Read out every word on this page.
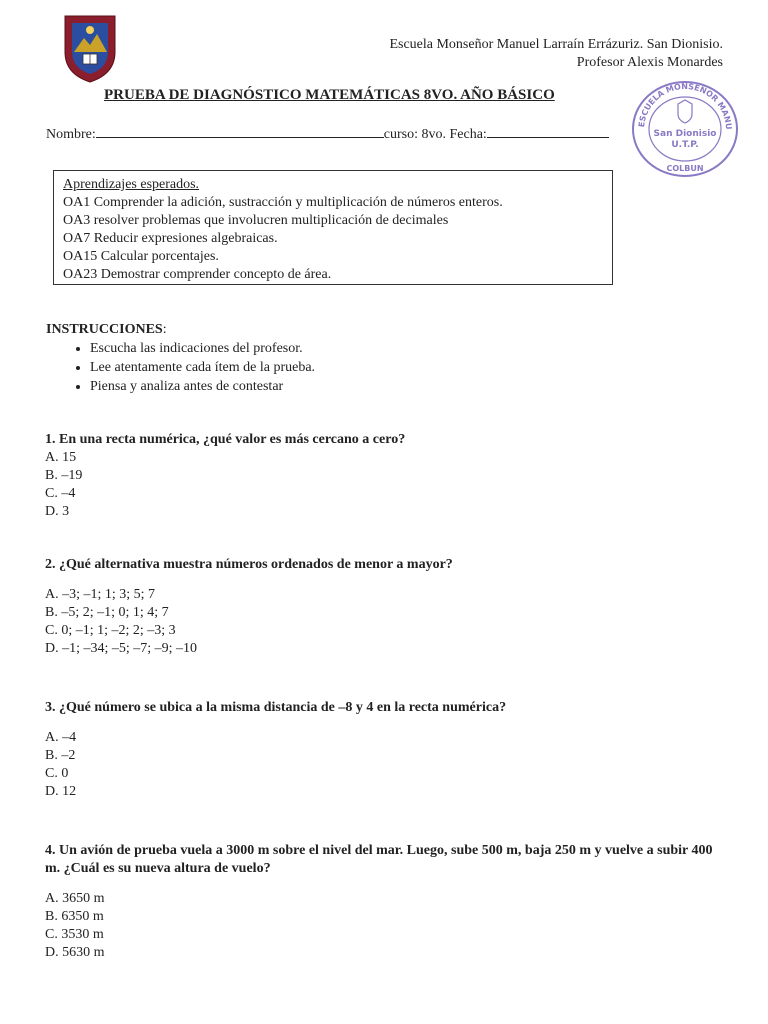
Escuela Monseñor Manuel Larraín Errázuriz. San Dionisio.
Profesor Alexis Monardes
ESCUELA MONSEÑOR MANU
San Dionisio
U.T.P.
COLBUN
PRUEBA DE DIAGNÓSTICO MATEMÁTICAS 8VO. AÑO BÁSICO
Nombre:	curso: 8vo. Fecha:
Aprendizajes esperados.
OA1 Comprender la adición, sustracción y multiplicación de números enteros.
OA3 resolver problemas que involucren multiplicación de decimales
OA7 Reducir expresiones algebraicas.
OA15 Calcular porcentajes.
OA23 Demostrar comprender concepto de área.
INSTRUCCIONES:
• Escucha las indicaciones del profesor.
• Lee atentamente cada ítem de la prueba.
• Piensa y analiza antes de contestar
1. En una recta numérica, ¿qué valor es más cercano a cero?
A. 15
B. –19
C. –4
D. 3
2. ¿Qué alternativa muestra números ordenados de menor a mayor?
A. –3; –1; 1; 3; 5; 7
B. –5; 2; –1; 0; 1; 4; 7
C. 0; –1; 1; –2; 2; –3; 3
D. –1; –34; –5; –7; –9; –10
3. ¿Qué número se ubica a la misma distancia de –8 y 4 en la recta numérica?
A. –4
B. –2
C. 0
D. 12
4. Un avión de prueba vuela a 3000 m sobre el nivel del mar. Luego, sube 500 m, baja 250 m y vuelve a subir 400 m. ¿Cuál es su nueva altura de vuelo?
A. 3650 m
B. 6350 m
C. 3530 m
D. 5630 m
